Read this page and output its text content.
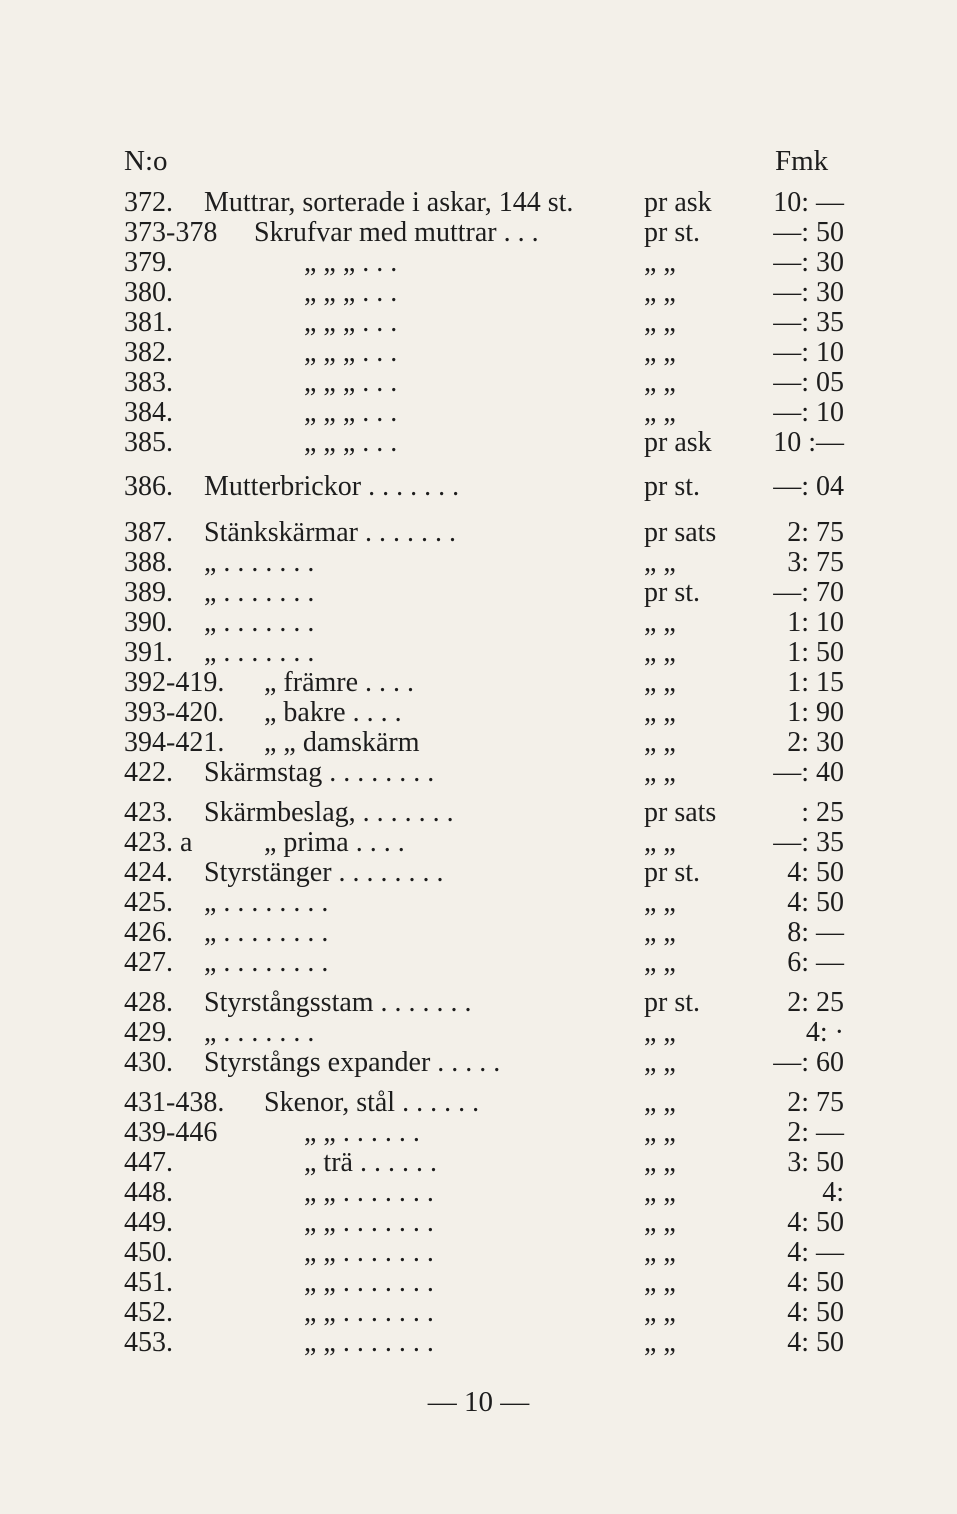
N:o	Fmk
372. Muttrar, sorterade i askar, 144 st.	pr ask 10: —
373-378 Skrufvar med muttrar . . .	pr st.	—: 50
379.	„ „ „ . . .	„ „	—: 30
380.	„ „ „ . . .	„ „	—: 30
381.	„ „ „ . . .	„ „	—: 35
382.	„ „ „ . . .	„ „	—: 10
383.	„ „ „ . . .	„ „	—: 05
384.	„ „ „ . . .	„ „	—: 10
385.	„ „ „ . . .	pr ask 10 :—
386. Mutterbrickor . . . . . . .	pr st.	—: 04
387. Stänkskärmar . . . . . . .	pr sats	2: 75
388. „ . . . . . . .	„ „	3: 75
389. „ . . . . . . .	pr st.	—: 70
390. „ . . . . . . .	„ „	1: 10
391. „ . . . . . . .	„ „	1: 50
392-419. „ främre . . . .	„ „	1: 15
393-420. „ bakre . . . .	„ „	1: 90
394-421. „ „ damskärm	„ „	2: 30
422. Skärmstag . . . . . . . .	„ „	—: 40
423. Skärmbeslag, . . . . . . .	pr sats	: 25
423. a	„ prima . . . .	„ „	—: 35
424. Styrstänger . . . . . . . .	pr st.	4: 50
425. „ . . . . . . . .	„ „	4: 50
426. „ . . . . . . . .	„ „	8: —
427. „ . . . . . . . .	„ „	6: —
428. Styrstångsstam . . . . . . .	pr st.	2: 25
429. „ . . . . . . .	„ „	4: ·
430. Styrstångs expander . . . . .	„ „	—: 60
431-438. Skenor, stål . . . . . .	„ „	2: 75
439-446	„ „ . . . . . .	„ „	2: —
447.	„ trä . . . . . .	„ „	3: 50
448.	„ „ . . . . . . .	„ „	4:
449.	„ „ . . . . . . .	„ „	4: 50
450.	„ „ . . . . . . .	„ „	4: —
451.	„ „ . . . . . . .	„ „	4: 50
452.	„ „ . . . . . . .	„ „	4: 50
453.	„ „ . . . . . . .	„ „	4: 50
— 10 —
